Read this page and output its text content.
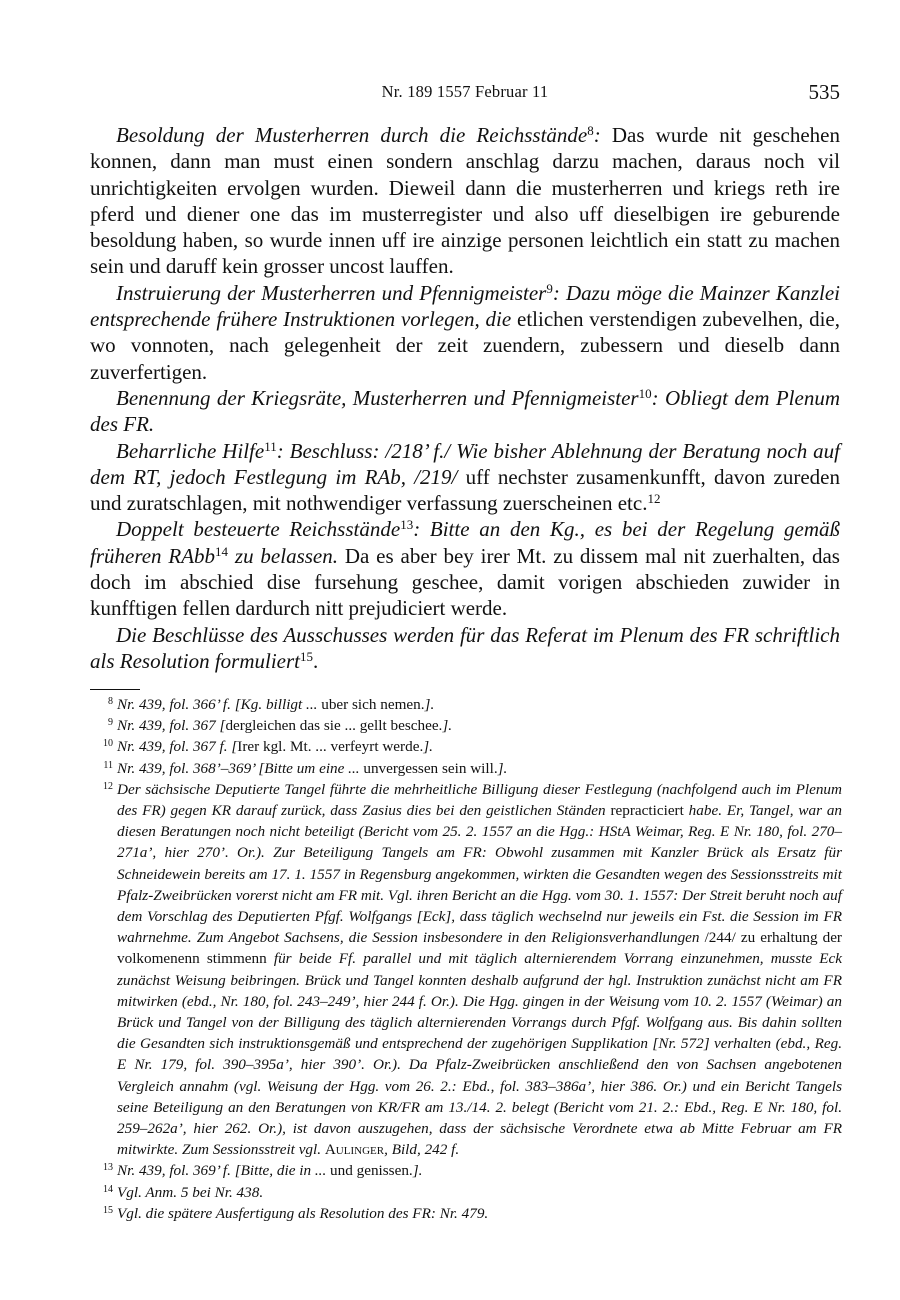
Nr. 189 1557 Februar 11	535

Besoldung der Musterherren durch die Reichsstände$^8$: Das wurde nit geschehen konnen, dann man must einen sondern anschlag darzu machen, daraus noch vil unrichtigkeiten ervolgen wurden. Dieweil dann die musterherren und kriegs reth ire pferd und diener one das im musterregister und also uff dieselbigen ire geburende besoldung haben, so wurde innen uff ire ainzige personen leichtlich ein statt zu machen sein und daruff kein grosser uncost lauffen.

Instruierung der Musterherren und Pfennigmeister$^9$: Dazu möge die Mainzer Kanzlei entsprechende frühere Instruktionen vorlegen, die etlichen verstendigen zubevelhen, die, wo vonnoten, nach gelegenheit der zeit zuendern, zubessern und dieselb dann zuverfertigen.

Benennung der Kriegsräte, Musterherren und Pfennigmeister$^{10}$: Obliegt dem Plenum des FR.

Beharrliche Hilfe$^{11}$: Beschluss: /218’ f./ Wie bisher Ablehnung der Beratung noch auf dem RT, jedoch Festlegung im RAb, /219/ uff nechster zusamenkunfft, davon zureden und zuratschlagen, mit nothwendiger verfassung zuerscheinen etc.$^{12}$

Doppelt besteuerte Reichsstände$^{13}$: Bitte an den Kg., es bei der Regelung gemäß früheren RAbb$^{14}$ zu belassen. Da es aber bey irer Mt. zu dissem mal nit zuerhalten, das doch im abschied dise fursehung geschee, damit vorigen abschieden zuwider in kunfftigen fellen dardurch nitt prejudiciert werde.

Die Beschlüsse des Ausschusses werden für das Referat im Plenum des FR schriftlich als Resolution formuliert$^{15}$.

8 Nr. 439, fol. 366’ f. [Kg. billigt ... uber sich nemen.].

9 Nr. 439, fol. 367 [dergleichen das sie ... gellt bescheе.].

10 Nr. 439, fol. 367 f. [Irer kgl. Mt. ... verfeyrt werde.].

11 Nr. 439, fol. 368’–369’ [Bitte um eine ... unvergessen sein will.].

12 Der sächsische Deputierte Tangel führte die mehrheitliche Billigung dieser Festlegung (nachfolgend auch im Plenum des FR) gegen KR darauf zurück, dass Zasius dies bei den geistlichen Ständen repracticiert habe. Er, Tangel, war an diesen Beratungen noch nicht beteiligt (Bericht vom 25. 2. 1557 an die Hgg.: HStA Weimar, Reg. E Nr. 180, fol. 270–271a’, hier 270’. Or.). Zur Beteiligung Tangels am FR: Obwohl zusammen mit Kanzler Brück als Ersatz für Schneidewein bereits am 17. 1. 1557 in Regensburg angekommen, wirkten die Gesandten wegen des Sessionsstreits mit Pfalz-Zweibrücken vorerst nicht am FR mit. Vgl. ihren Bericht an die Hgg. vom 30. 1. 1557: Der Streit beruht noch auf dem Vorschlag des Deputierten Pfgf. Wolfgangs [Eck], dass täglich wechselnd nur jeweils ein Fst. die Session im FR wahrnehme. Zum Angebot Sachsens, die Session insbesondere in den Religionsverhandlungen /244/ zu erhaltung der volkomenenn stimmenn für beide Ff. parallel und mit täglich alternierendem Vorrang einzunehmen, musste Eck zunächst Weisung beibringen. Brück und Tangel konnten deshalb aufgrund der hgl. Instruktion zunächst nicht am FR mitwirken (ebd., Nr. 180, fol. 243–249’, hier 244 f. Or.). Die Hgg. gingen in der Weisung vom 10. 2. 1557 (Weimar) an Brück und Tangel von der Billigung des täglich alternierenden Vorrangs durch Pfgf. Wolfgang aus. Bis dahin sollten die Gesandten sich instruktionsgemäß und entsprechend der zugehörigen Supplikation [Nr. 572] verhalten (ebd., Reg. E Nr. 179, fol. 390–395a’, hier 390’. Or.). Da Pfalz-Zweibrücken anschließend den von Sachsen angebotenen Vergleich annahm (vgl. Weisung der Hgg. vom 26. 2.: Ebd., fol. 383–386a’, hier 386. Or.) und ein Bericht Tangels seine Beteiligung an den Beratungen von KR/FR am 13./14. 2. belegt (Bericht vom 21. 2.: Ebd., Reg. E Nr. 180, fol. 259–262a’, hier 262. Or.), ist davon auszugehen, dass der sächsische Verordnete etwa ab Mitte Februar am FR mitwirkte. Zum Sessionsstreit vgl. Aulinger, Bild, 242 f.

13 Nr. 439, fol. 369’ f. [Bitte, die in ... und genissen.].

14 Vgl. Anm. 5 bei Nr. 438.

15 Vgl. die spätere Ausfertigung als Resolution des FR: Nr. 479.
